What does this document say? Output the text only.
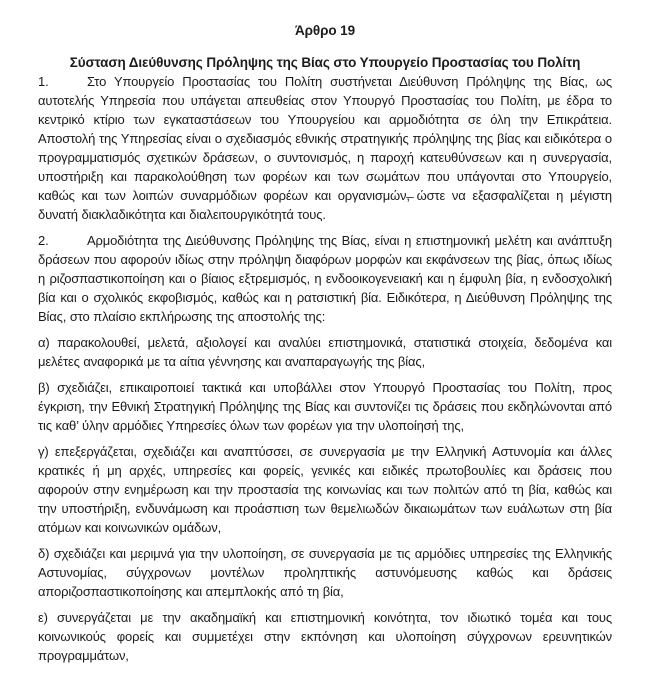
Άρθρο 19
Σύσταση Διεύθυνσης Πρόληψης της Βίας στο Υπουργείο Προστασίας του Πολίτη

1.	Στο Υπουργείο Προστασίας του Πολίτη συστήνεται Διεύθυνση Πρόληψης της Βίας, ως αυτοτελής Υπηρεσία που υπάγεται απευθείας στον Υπουργό Προστασίας του Πολίτη, με έδρα το κεντρικό κτίριο των εγκαταστάσεων του Υπουργείου και αρμοδιότητα σε όλη την Επικράτεια. Αποστολή της Υπηρεσίας είναι ο σχεδιασμός εθνικής στρατηγικής πρόληψης της βίας και ειδικότερα ο προγραμματισμός σχετικών δράσεων, ο συντονισμός, η παροχή κατευθύνσεων και η συνεργασία, υποστήριξη και παρακολούθηση των φορέων και των σωμάτων που υπάγονται στο Υπουργείο, καθώς και των λοιπών συναρμόδιων φορέων και οργανισμών,̶ ώστε να εξασφαλίζεται η μέγιστη δυνατή διακλαδικότητα και διαλειτουργικότητά τους.

2.	Αρμοδιότητα της Διεύθυνσης Πρόληψης της Βίας, είναι η επιστημονική μελέτη και ανάπτυξη δράσεων που αφορούν ιδίως στην πρόληψη διαφόρων μορφών και εκφάνσεων της βίας, όπως ιδίως η ριζοσπαστικοποίηση και ο βίαιος εξτρεμισμός, η ενδοοικογενειακή και η έμφυλη βία, η ενδοσχολική βία και ο σχολικός εκφοβισμός, καθώς και η ρατσιστική βία. Ειδικότερα, η Διεύθυνση Πρόληψης της Βίας, στο πλαίσιο εκπλήρωσης της αποστολής της:

α) παρακολουθεί, μελετά, αξιολογεί και αναλύει επιστημονικά, στατιστικά στοιχεία, δεδομένα και μελέτες αναφορικά με τα αίτια γέννησης και αναπαραγωγής της βίας,

β) σχεδιάζει, επικαιροποιεί τακτικά και υποβάλλει στον Υπουργό Προστασίας του Πολίτη, προς έγκριση, την Εθνική Στρατηγική Πρόληψης της Βίας και συντονίζει τις δράσεις που εκδηλώνονται από τις καθ’ ύλην αρμόδιες Υπηρεσίες όλων των φορέων για την υλοποίησή της,

γ) επεξεργάζεται, σχεδιάζει και αναπτύσσει, σε συνεργασία με την Ελληνική Αστυνομία και άλλες κρατικές ή μη αρχές, υπηρεσίες και φορείς, γενικές και ειδικές πρωτοβουλίες και δράσεις που αφορούν στην ενημέρωση και την προστασία της κοινωνίας και των πολιτών από τη βία, καθώς και την υποστήριξη, ενδυνάμωση και προάσπιση των θεμελιωδών δικαιωμάτων των ευάλωτων στη βία ατόμων και κοινωνικών ομάδων,

δ) σχεδιάζει και μεριμνά για την υλοποίηση, σε συνεργασία με τις αρμόδιες υπηρεσίες της Ελληνικής Αστυνομίας, σύγχρονων μοντέλων προληπτικής αστυνόμευσης καθώς και δράσεις αποριζοσπαστικοποίησης και απεμπλοκής από τη βία,

ε) συνεργάζεται με την ακαδημαϊκή και επιστημονική κοινότητα, τον ιδιωτικό τομέα και τους κοινωνικούς φορείς και συμμετέχει στην εκπόνηση και υλοποίηση σύγχρονων ερευνητικών προγραμμάτων,
